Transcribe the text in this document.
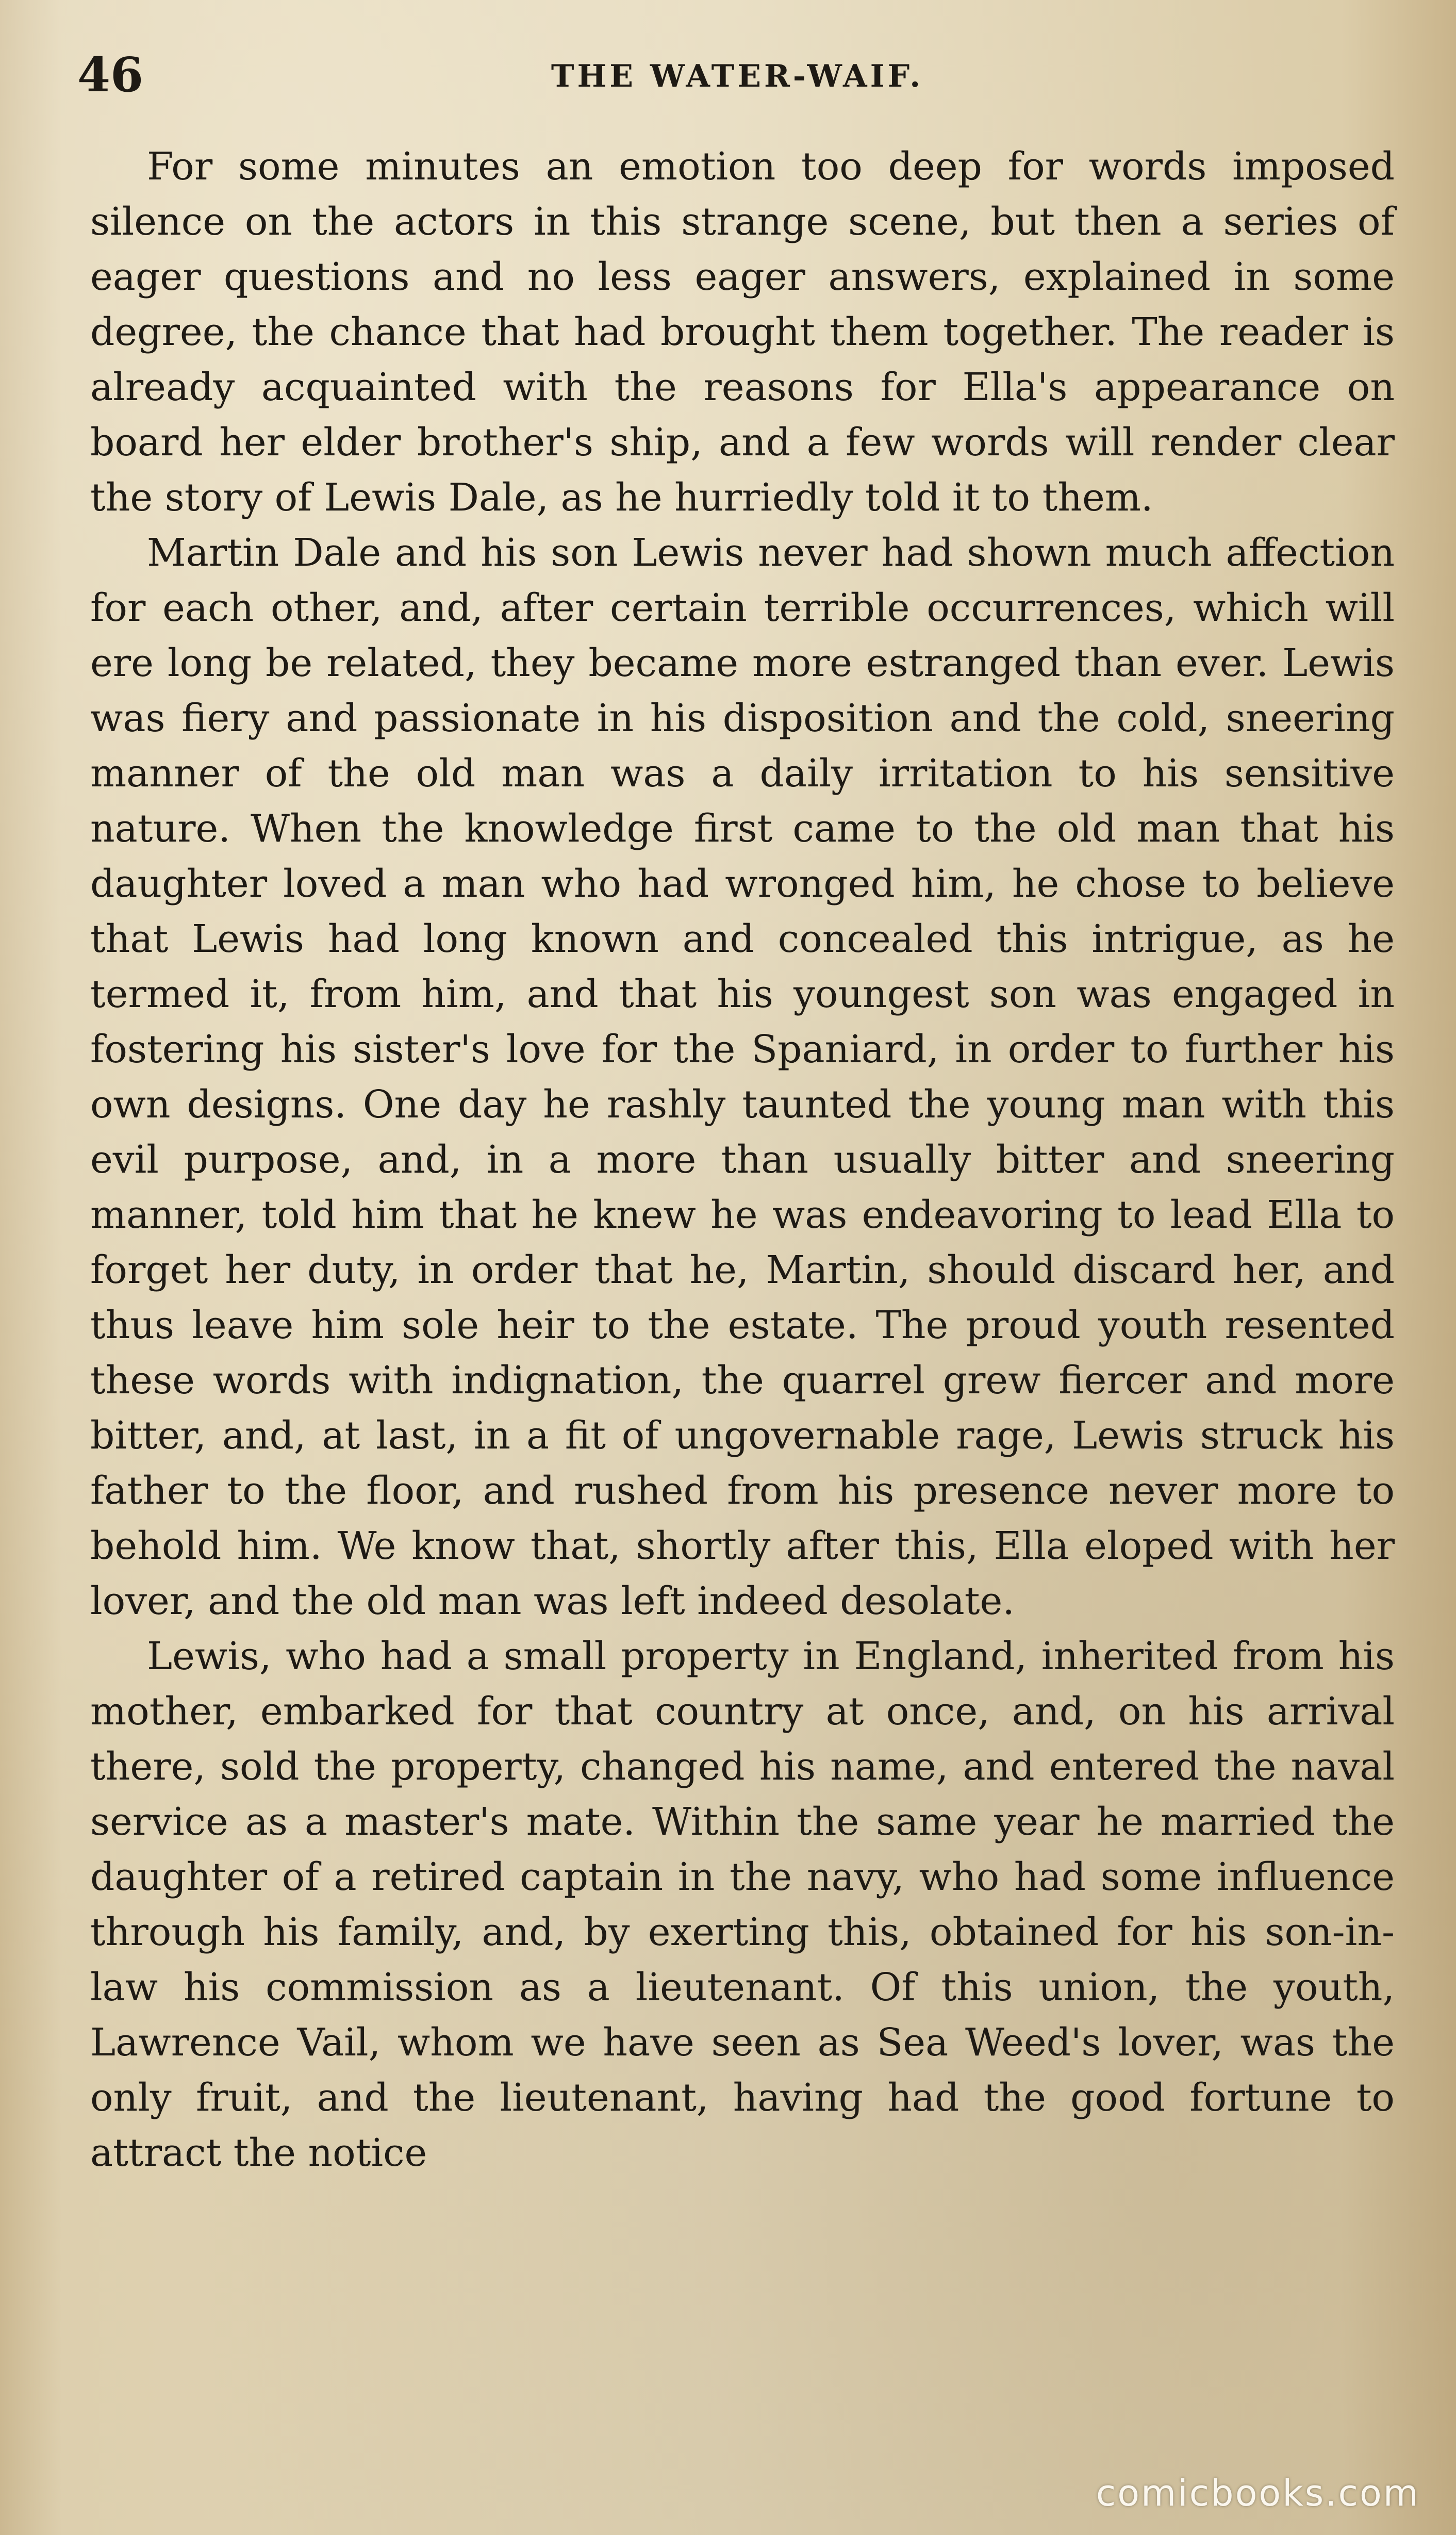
46	THE WATER-WAIF.

For some minutes an emotion too deep for words imposed silence on the actors in this strange scene, but then a series of eager questions and no less eager answers, explained in some degree, the chance that had brought them together. The reader is already acquainted with the reasons for Ella's appearance on board her elder brother's ship, and a few words will render clear the story of Lewis Dale, as he hurriedly told it to them.

Martin Dale and his son Lewis never had shown much affection for each other, and, after certain terrible occurrences, which will ere long be related, they became more estranged than ever. Lewis was fiery and passionate in his disposition and the cold, sneering manner of the old man was a daily irritation to his sensitive nature. When the knowledge first came to the old man that his daughter loved a man who had wronged him, he chose to believe that Lewis had long known and concealed this intrigue, as he termed it, from him, and that his youngest son was engaged in fostering his sister's love for the Spaniard, in order to further his own designs. One day he rashly taunted the young man with this evil purpose, and, in a more than usually bitter and sneering manner, told him that he knew he was endeavoring to lead Ella to forget her duty, in order that he, Martin, should discard her, and thus leave him sole heir to the estate. The proud youth resented these words with indignation, the quarrel grew fiercer and more bitter, and, at last, in a fit of ungovernable rage, Lewis struck his father to the floor, and rushed from his presence never more to behold him. We know that, shortly after this, Ella eloped with her lover, and the old man was left indeed desolate.

Lewis, who had a small property in England, inherited from his mother, embarked for that country at once, and, on his arrival there, sold the property, changed his name, and entered the naval service as a master's mate. Within the same year he married the daughter of a retired captain in the navy, who had some influence through his family, and, by exerting this, obtained for his son-in-law his commission as a lieutenant. Of this union, the youth, Lawrence Vail, whom we have seen as Sea Weed's lover, was the only fruit, and the lieutenant, having had the good fortune to attract the notice

comicbooks.com
